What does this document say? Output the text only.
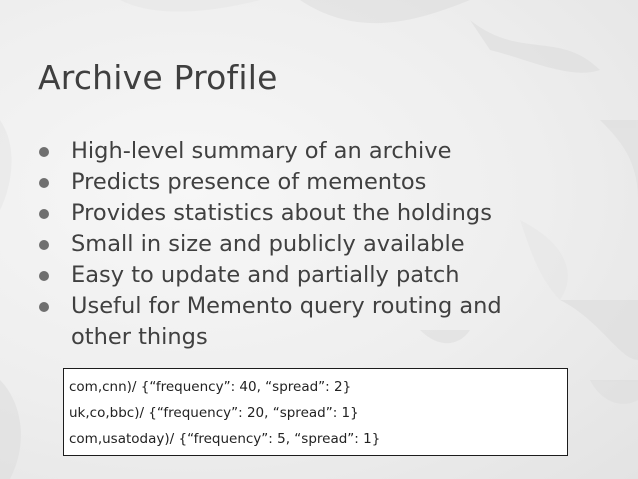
Archive Profile
High-level summary of an archive
Predicts presence of mementos
Provides statistics about the holdings
Small in size and publicly available
Easy to update and partially patch
Useful for Memento query routing and other things
com,cnn)/ {“frequency”: 40, “spread”: 2}
uk,co,bbc)/ {“frequency”: 20, “spread”: 1}
com,usatoday)/ {“frequency”: 5, “spread”: 1}
